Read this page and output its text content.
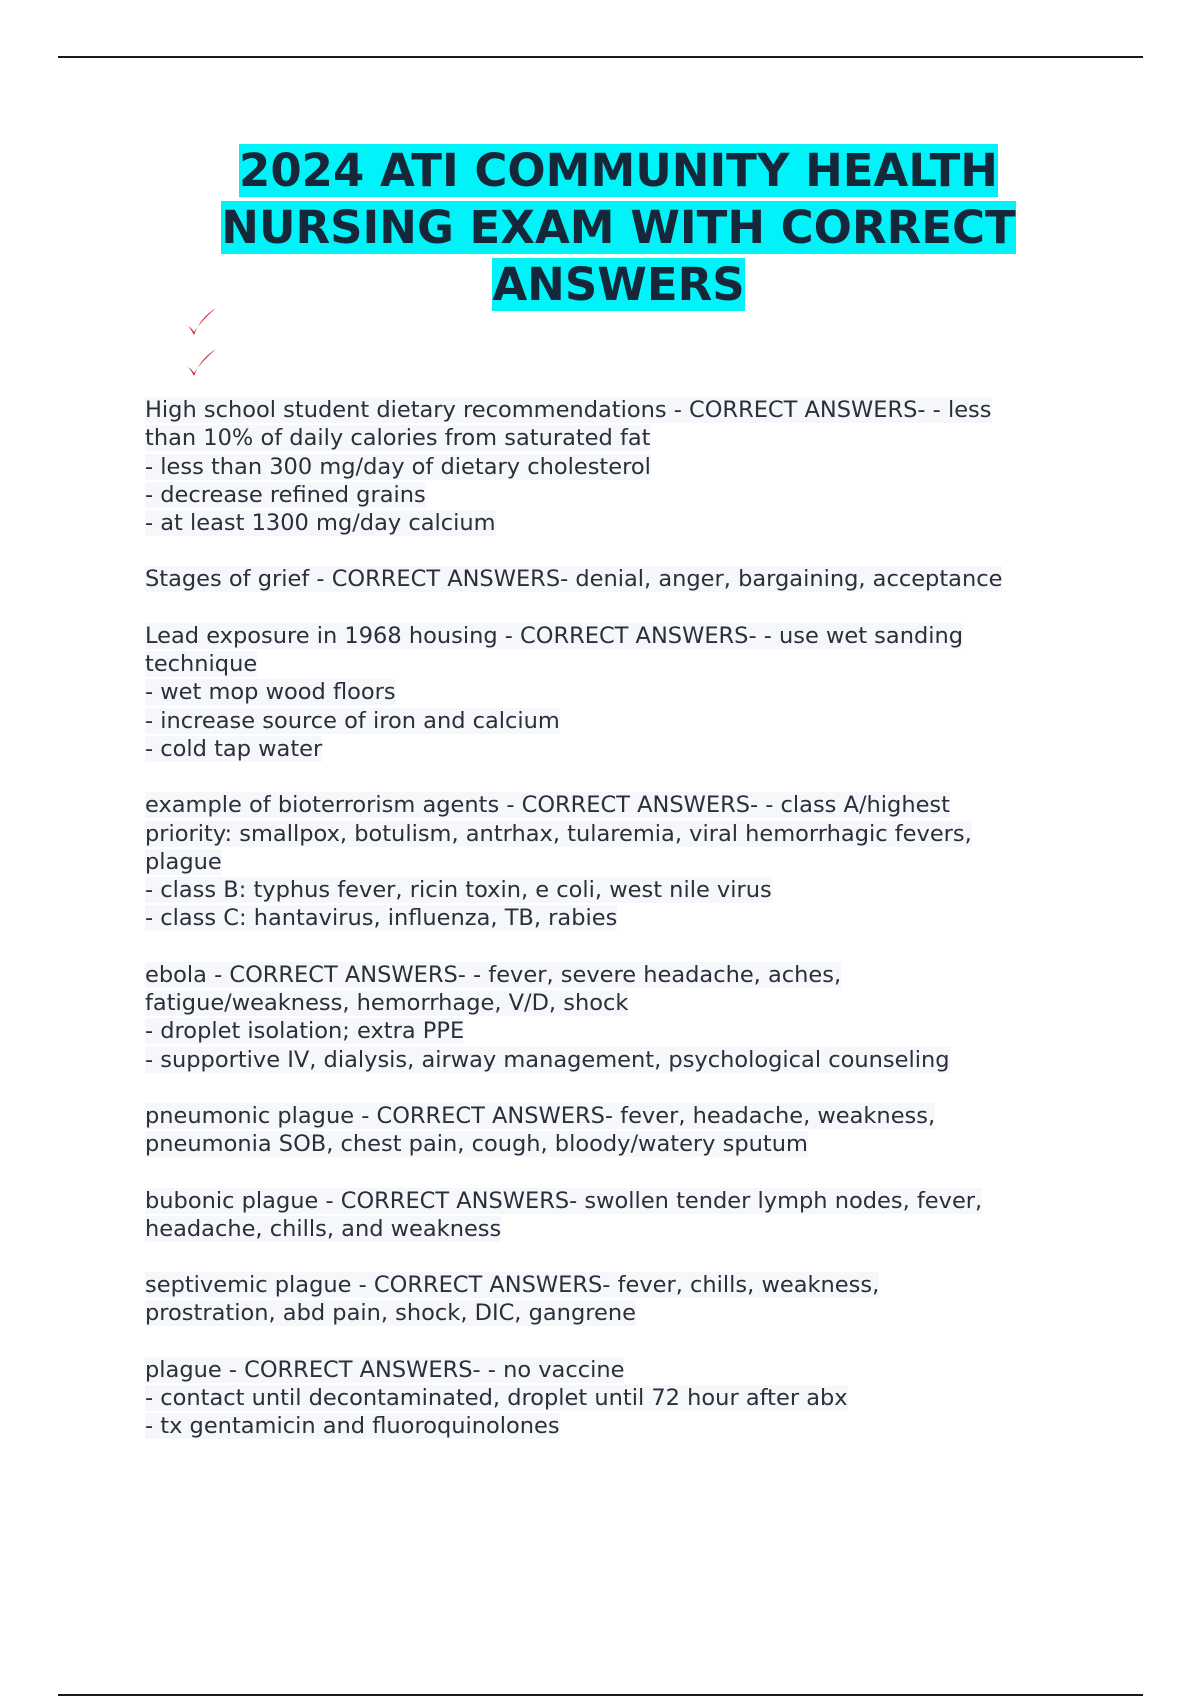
2024 ATI COMMUNITY HEALTH NURSING EXAM WITH CORRECT ANSWERS
High school student dietary recommendations - CORRECT ANSWERS- - less
than 10% of daily calories from saturated fat
- less than 300 mg/day of dietary cholesterol
- decrease refined grains
- at least 1300 mg/day calcium
Stages of grief - CORRECT ANSWERS- denial, anger, bargaining, acceptance
Lead exposure in 1968 housing - CORRECT ANSWERS- - use wet sanding
technique
- wet mop wood floors
- increase source of iron and calcium
- cold tap water
example of bioterrorism agents - CORRECT ANSWERS- - class A/highest
priority: smallpox, botulism, antrhax, tularemia, viral hemorrhagic fevers,
plague
- class B: typhus fever, ricin toxin, e coli, west nile virus
- class C: hantavirus, influenza, TB, rabies
ebola - CORRECT ANSWERS- - fever, severe headache, aches,
fatigue/weakness, hemorrhage, V/D, shock
- droplet isolation; extra PPE
- supportive IV, dialysis, airway management, psychological counseling
pneumonic plague - CORRECT ANSWERS- fever, headache, weakness,
pneumonia SOB, chest pain, cough, bloody/watery sputum
bubonic plague - CORRECT ANSWERS- swollen tender lymph nodes, fever,
headache, chills, and weakness
septivemic plague - CORRECT ANSWERS- fever, chills, weakness,
prostration, abd pain, shock, DIC, gangrene
plague - CORRECT ANSWERS- - no vaccine
- contact until decontaminated, droplet until 72 hour after abx
- tx gentamicin and fluoroquinolones
